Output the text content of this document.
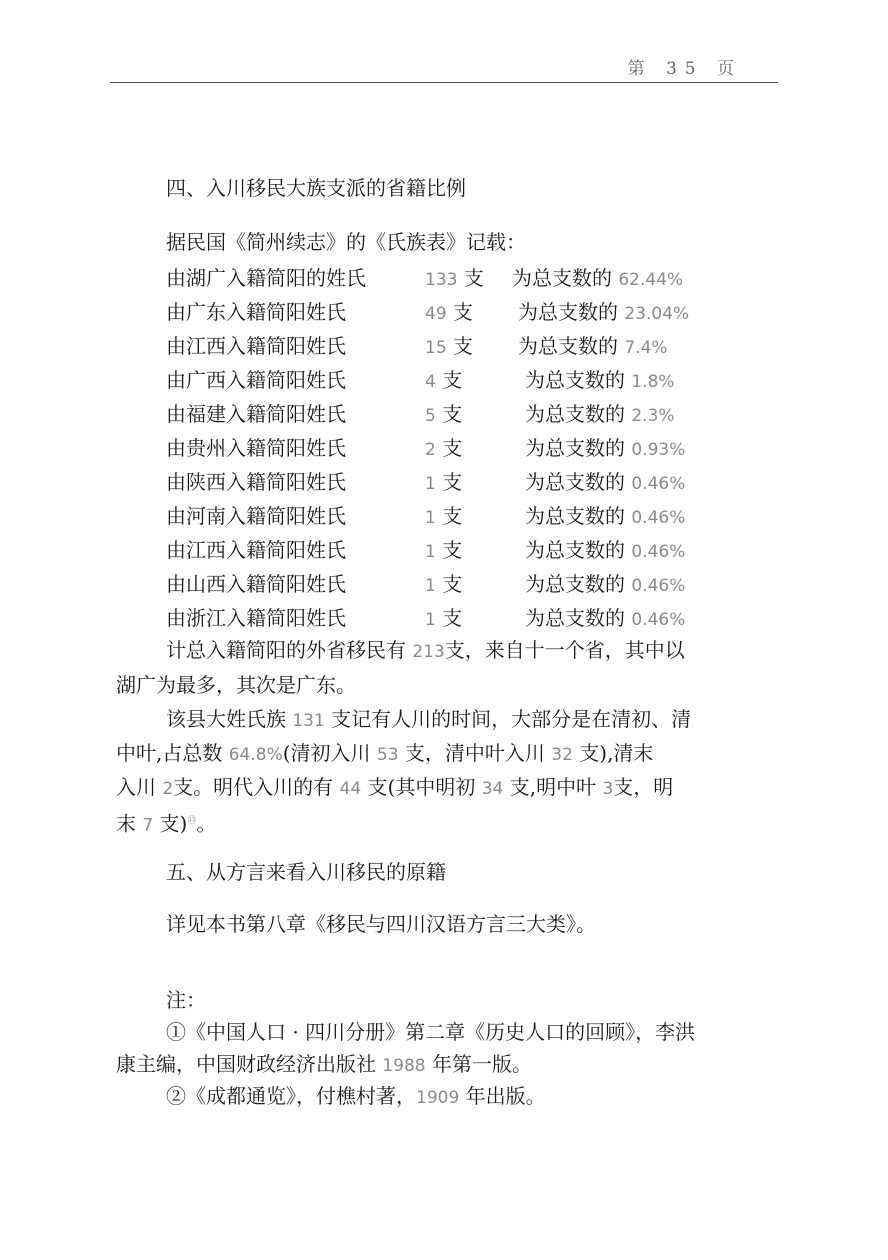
第 35 页
四、入川移民大族支派的省籍比例
据民国《简州续志》的《氏族表》记载：
由湖广入籍简阳的姓氏	133 支 为总支数的 62.44%
由广东入籍简阳姓氏	49 支 为总支数的 23.04%
由江西入籍简阳姓氏	15 支 为总支数的 7.4%
由广西入籍简阳姓氏	4 支	为总支数的 1.8%
由福建入籍简阳姓氏	5 支	为总支数的 2.3%
由贵州入籍简阳姓氏	2 支	为总支数的 0.93%
由陕西入籍简阳姓氏	1 支	为总支数的 0.46%
由河南入籍简阳姓氏	1 支	为总支数的 0.46%
由江西入籍简阳姓氏	1 支	为总支数的 0.46%
由山西入籍简阳姓氏	1 支	为总支数的 0.46%
由浙江入籍简阳姓氏	1 支	为总支数的 0.46%
计总入籍简阳的外省移民有 213支，来自十一个省，其中以
湖广为最多，其次是广东。
该县大姓氏族 131 支记有人川的时间，大部分是在清初、清
中叶,占总数 64.8%(清初入川 53 支，清中叶入川 32 支),清末
入川 2支。明代入川的有 44 支(其中明初 34 支,明中叶 3支，明
末 7 支)⑬。
五、从方言来看入川移民的原籍
详见本书第八章《移民与四川汉语方言三大类》。
注：
①《中国人口 · 四川分册》第二章《历史人口的回顾》，李洪
康主编，中国财政经济出版社 1988 年第一版。
②《成都通览》，付樵村著，1909 年出版。
